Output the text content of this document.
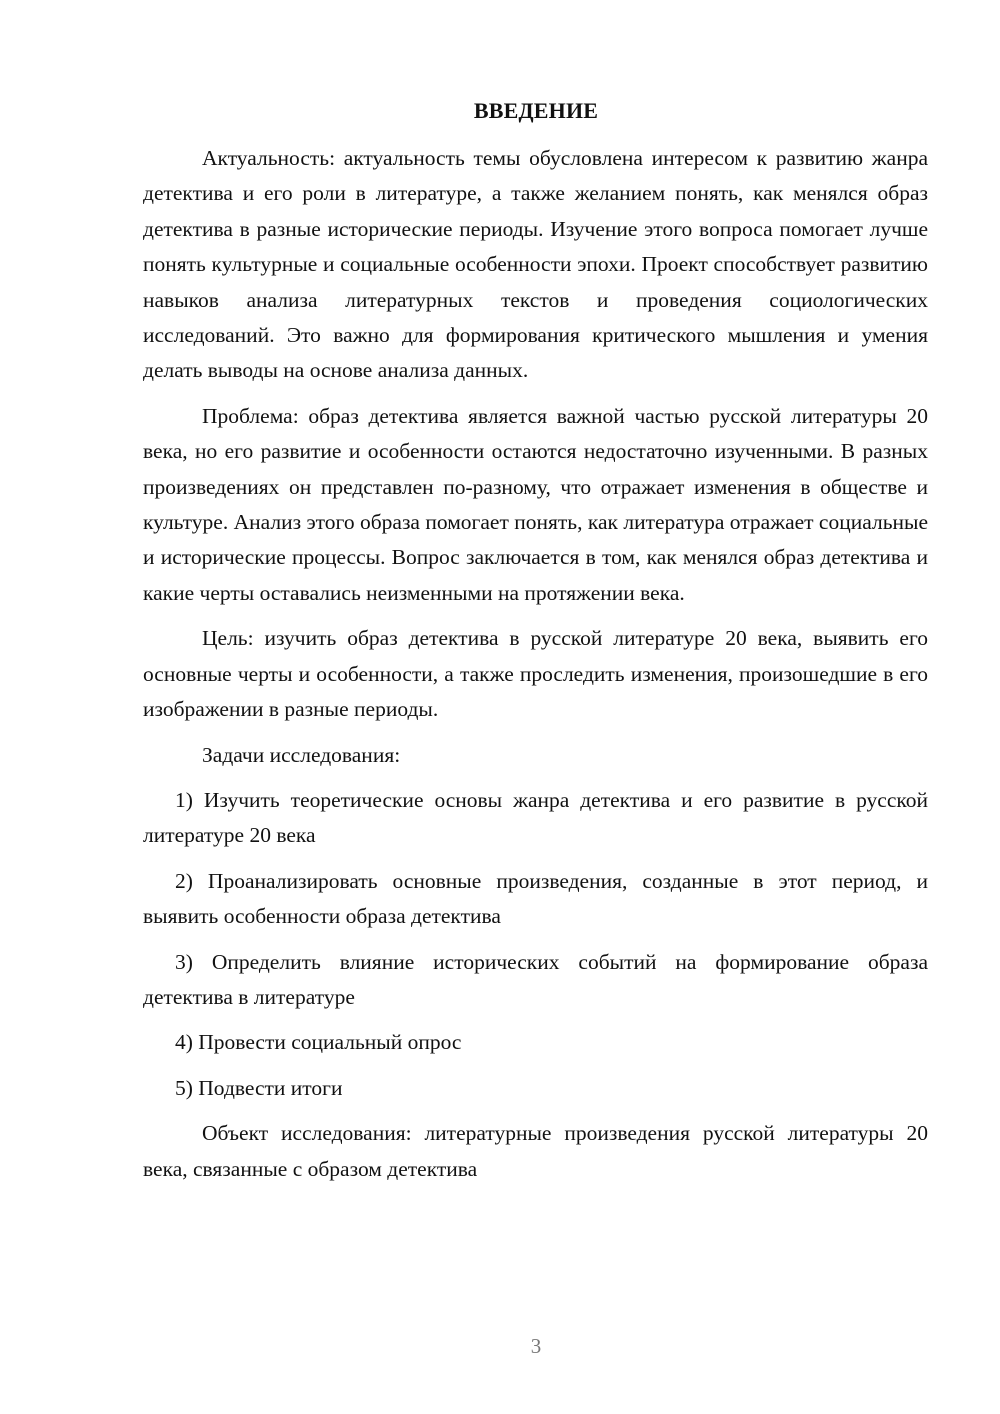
ВВЕДЕНИЕ

Актуальность: актуальность темы обусловлена интересом к развитию жанра детектива и его роли в литературе, а также желанием понять, как менялся образ детектива в разные исторические периоды. Изучение этого вопроса помогает лучше понять культурные и социальные особенности эпохи. Проект способствует развитию навыков анализа литературных текстов и проведения социологических исследований. Это важно для формирования критического мышления и умения делать выводы на основе анализа данных.

Проблема: образ детектива является важной частью русской литературы 20 века, но его развитие и особенности остаются недостаточно изученными. В разных произведениях он представлен по-разному, что отражает изменения в обществе и культуре. Анализ этого образа помогает понять, как литература отражает социальные и исторические процессы. Вопрос заключается в том, как менялся образ детектива и какие черты оставались неизменными на протяжении века.

Цель: изучить образ детектива в русской литературе 20 века, выявить его основные черты и особенности, а также проследить изменения, произошедшие в его изображении в разные периоды.

Задачи исследования:

1) Изучить теоретические основы жанра детектива и его развитие в русской литературе 20 века

2) Проанализировать основные произведения, созданные в этот период, и выявить особенности образа детектива

3) Определить влияние исторических событий на формирование образа детектива в литературе

4) Провести социальный опрос

5) Подвести итоги

Объект исследования: литературные произведения русской литературы 20 века, связанные с образом детектива

3
